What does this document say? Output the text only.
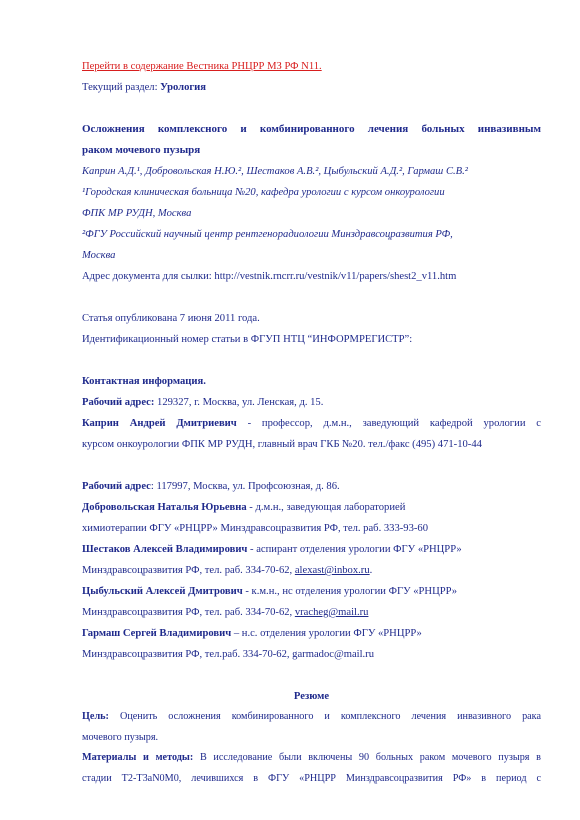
Перейти в содержание Вестника РНЦРР МЗ РФ N11.
Текущий раздел: Урология
Осложнения комплексного и комбинированного лечения больных инвазивным
раком мочевого пузыря
Каприн А.Д.¹, Добровольская Н.Ю.², Шестаков А.В.², Цыбульский А.Д.², Гармаш С.В.²
¹Городская клиническая больница №20, кафедра урологии с курсом онкоурологии
ФПК МР РУДН, Москва
²ФГУ Российский научный центр рентгенорадиологии Минздравсоцразвития РФ,
Москва
Адрес документа для сылки: http://vestnik.rncrr.ru/vestnik/v11/papers/shest2_v11.htm
Статья опубликована 7 июня 2011 года.
Идентификационный номер статьи в ФГУП НТЦ “ИНФОРМРЕГИСТР”:
Контактная информация.
Рабочий адрес: 129327, г. Москва, ул. Ленская, д. 15.
Каприн Андрей Дмитриевич - профессор, д.м.н., заведующий кафедрой урологии с
курсом онкоурологии ФПК МР РУДН, главный врач ГКБ №20. тел./факс (495) 471-10-44
Рабочий адрес: 117997, Москва, ул. Профсоюзная, д. 86.
Добровольская Наталья Юрьевна - д.м.н., заведующая лабораторией
химиотерапии ФГУ «РНЦРР» Минздравсоцразвития РФ, тел. раб. 333-93-60
Шестаков Алексей Владимирович - аспирант отделения урологии ФГУ «РНЦРР»
Минздравсоцразвития РФ, тел. раб. 334-70-62, alexast@inbox.ru.
Цыбульский Алексей Дмитрович - к.м.н., нс отделения урологии ФГУ «РНЦРР»
Минздравсоцразвития РФ, тел. раб. 334-70-62, vracheg@mail.ru
Гармаш Сергей Владимирович – н.с. отделения урологии ФГУ «РНЦРР»
Минздравсоцразвития РФ, тел.раб. 334-70-62, garmadoc@mail.ru
Резюме
Цель: Оценить осложнения комбинированного и комплексного лечения инвазивного рака
мочевого пузыря.
Материалы и методы: В исследование были включены 90 больных раком мочевого пузыря в
стадии T2-T3aN0M0, лечившихся в ФГУ «РНЦРР Минздравсоцразвития РФ» в период с
